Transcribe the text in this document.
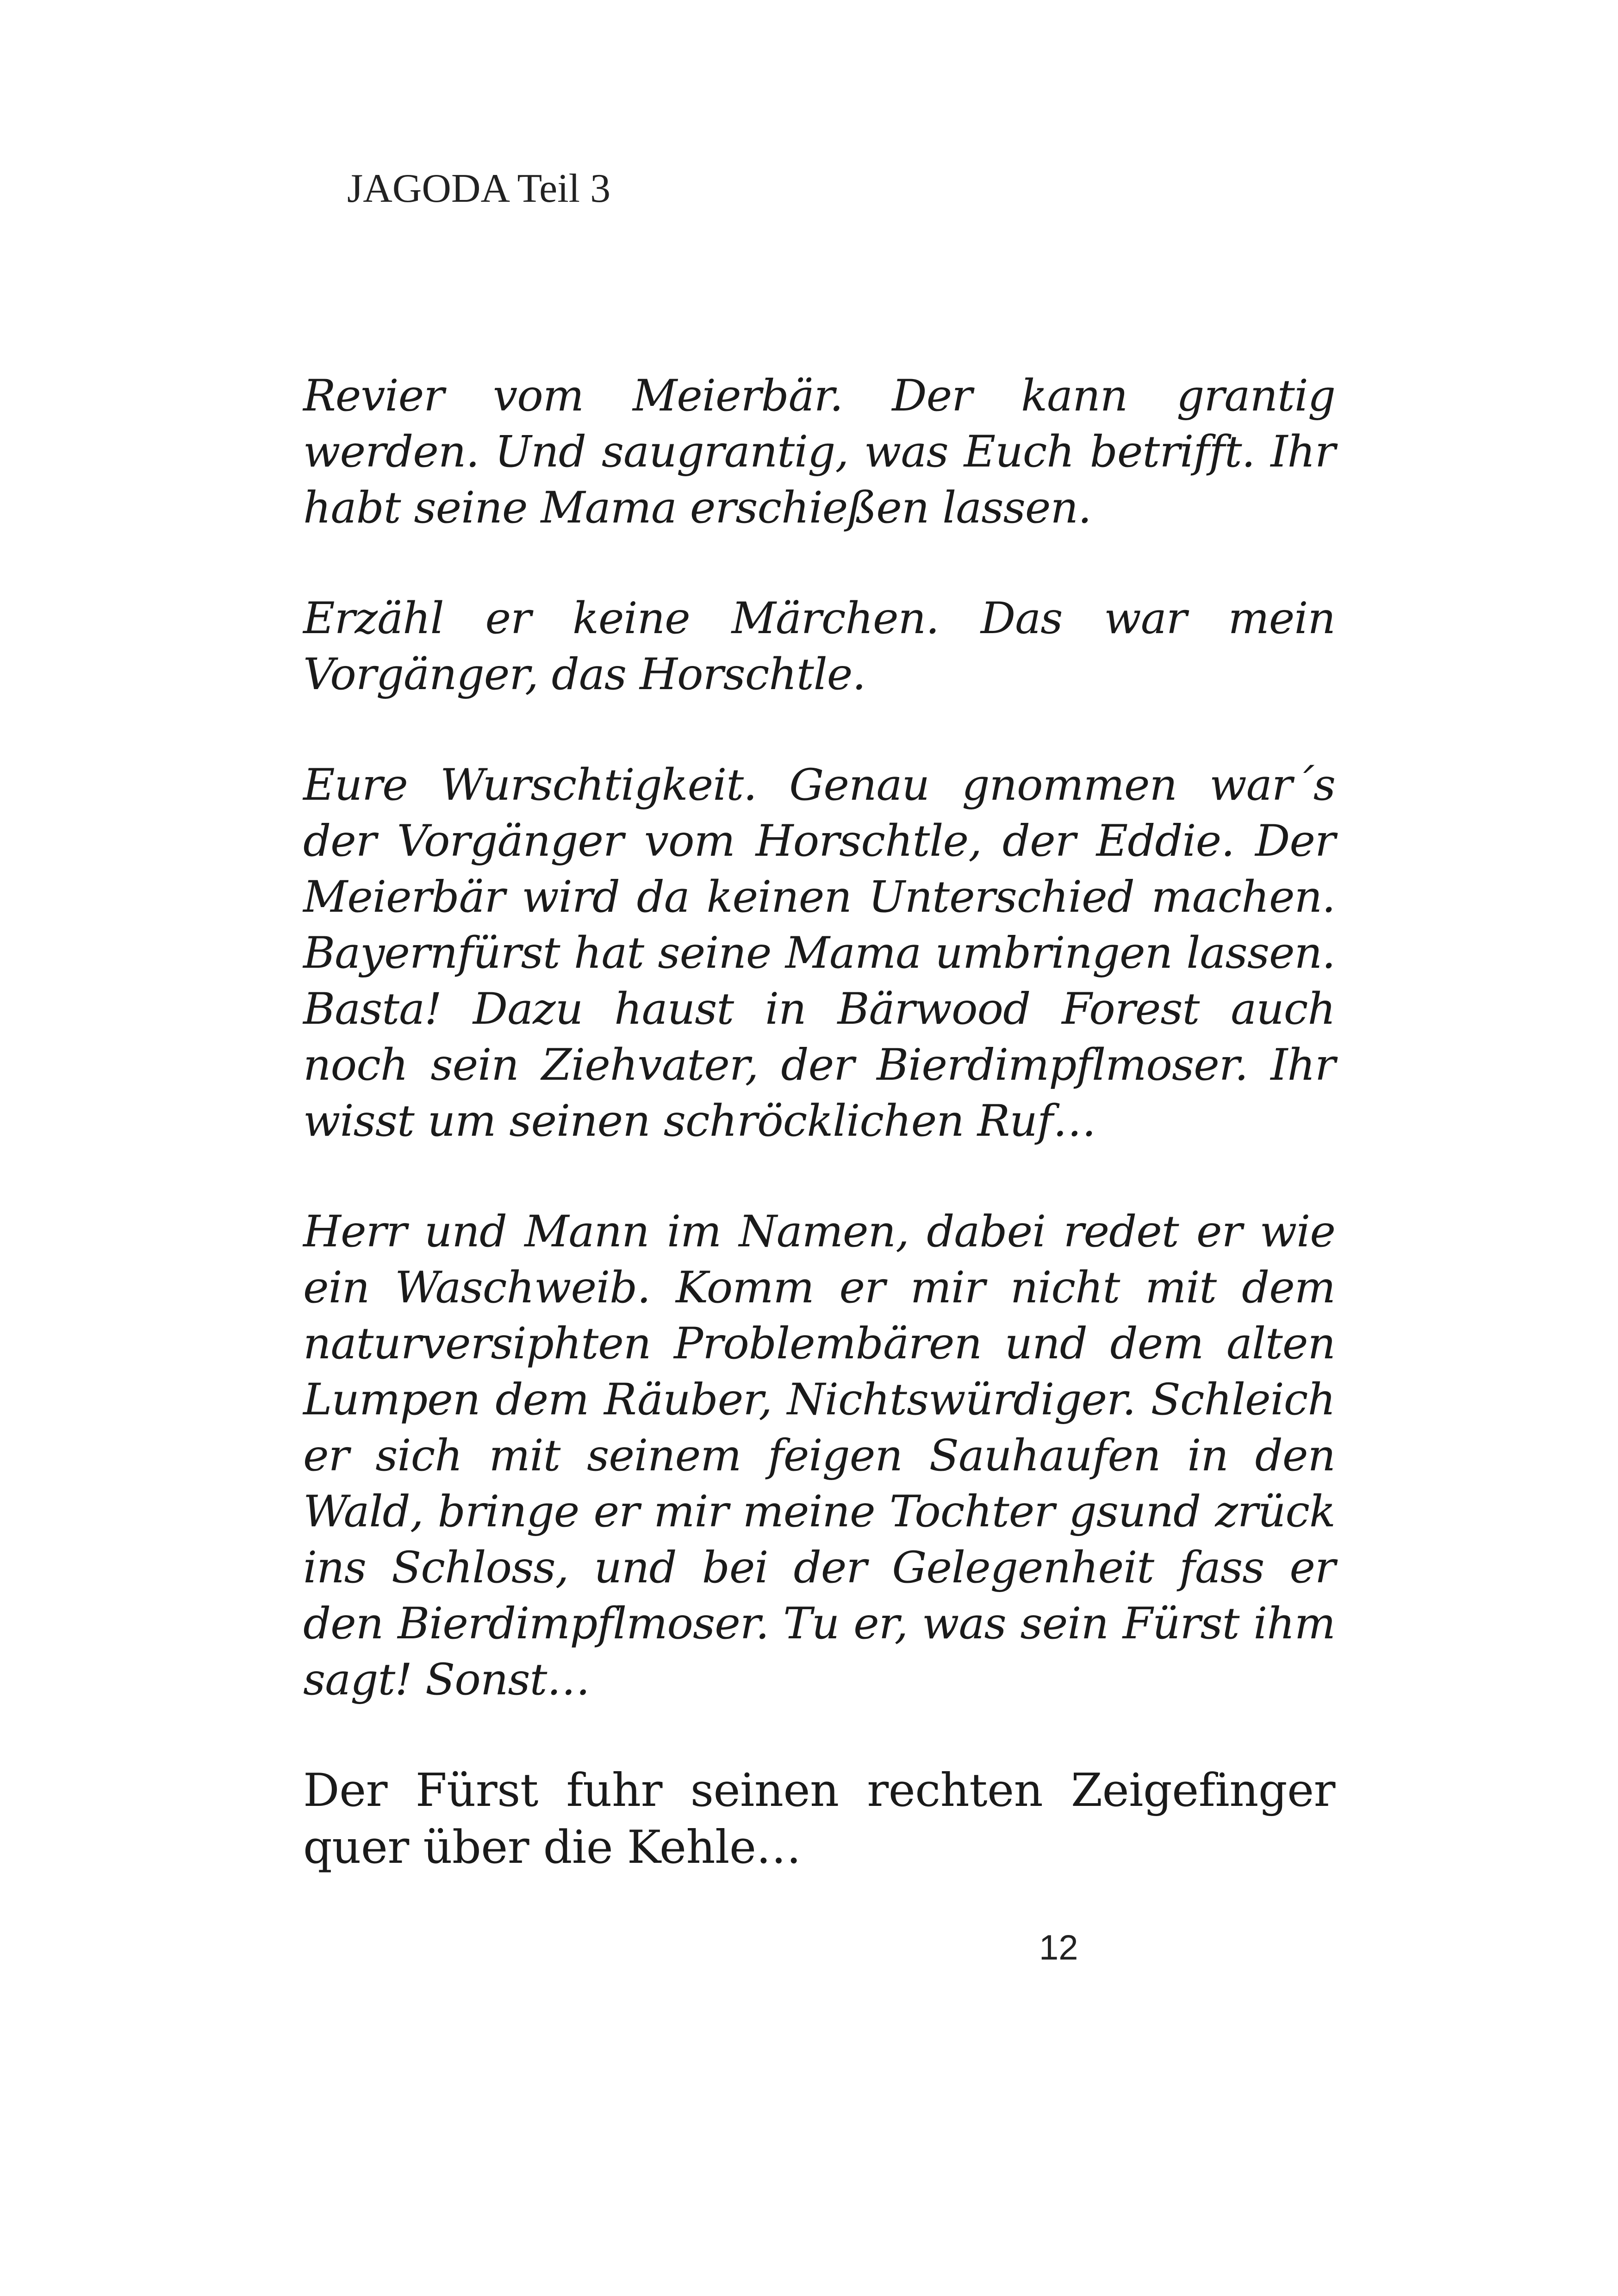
JAGODA Teil 3

Revier vom Meierbär. Der kann grantig werden. Und saugrantig, was Euch betrifft. Ihr habt seine Mama erschießen lassen.

Erzähl er keine Märchen. Das war mein Vorgänger, das Horschtle.

Eure Wurschtigkeit. Genau gnommen war´s der Vorgänger vom Horschtle, der Eddie. Der Meierbär wird da keinen Unterschied machen. Bayernfürst hat seine Mama umbringen lassen. Basta! Dazu haust in Bärwood Forest auch noch sein Ziehvater, der Bierdimpflmoser. Ihr wisst um seinen schröcklichen Ruf…

Herr und Mann im Namen, dabei redet er wie ein Waschweib. Komm er mir nicht mit dem naturversiphten Problembären und dem alten Lumpen dem Räuber, Nichtswürdiger. Schleich er sich mit seinem feigen Sauhaufen in den Wald, bringe er mir meine Tochter gsund zrück ins Schloss, und bei der Gelegenheit fass er den Bierdimpflmoser. Tu er, was sein Fürst ihm sagt! Sonst…

Der Fürst fuhr seinen rechten Zeigefinger quer über die Kehle…

12
